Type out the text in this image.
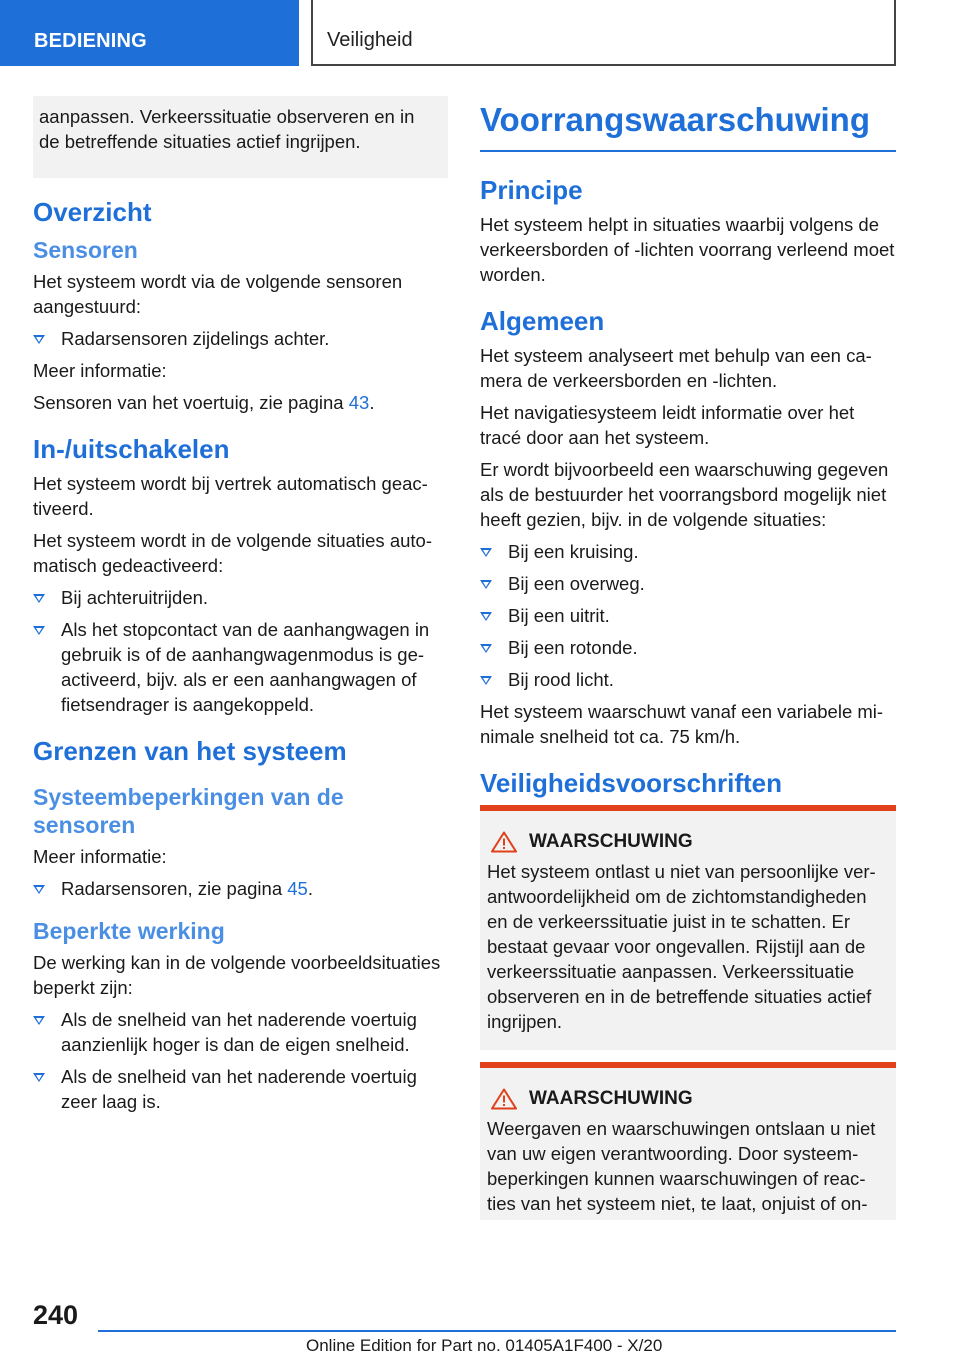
BEDIENING	Veiligheid

aanpassen. Verkeerssituatie observeren en in de betreffende situaties actief ingrijpen.

Overzicht
Sensoren

Het systeem wordt via de volgende sensoren aangestuurd:

Radarsensoren zijdelings achter.

Meer informatie:

Sensoren van het voertuig, zie pagina 43.

In-/uitschakelen

Het systeem wordt bij vertrek automatisch geactiveerd.

Het systeem wordt in de volgende situaties automatisch gedeactiveerd:

Bij achteruitrijden.
Als het stopcontact van de aanhangwagen in gebruik is of de aanhangwagenmodus is geactiveerd, bijv. als er een aanhangwagen of fietsendrager is aangekoppeld.
Grenzen van het systeem
Systeembeperkingen van de sensoren

Meer informatie:

Radarsensoren, zie pagina 45.
Beperkte werking

De werking kan in de volgende voorbeeldsituaties beperkt zijn:

Als de snelheid van het naderende voertuig aanzienlijk hoger is dan de eigen snelheid.
Als de snelheid van het naderende voertuig zeer laag is.
Voorrangswaarschuwing
Principe

Het systeem helpt in situaties waarbij volgens de verkeersborden of -lichten voorrang verleend moet worden.

Algemeen

Het systeem analyseert met behulp van een camera de verkeersborden en -lichten.

Het navigatiesysteem leidt informatie over het tracé door aan het systeem.

Er wordt bijvoorbeeld een waarschuwing gegeven als de bestuurder het voorrangsbord mogelijk niet heeft gezien, bijv. in de volgende situaties:

Bij een kruising.
Bij een overweg.
Bij een uitrit.
Bij een rotonde.
Bij rood licht.

Het systeem waarschuwt vanaf een variabele minimale snelheid tot ca. 75 km/h.

Veiligheidsvoorschriften
WAARSCHUWING

Het systeem ontlast u niet van persoonlijke verantwoordelijkheid om de zichtomstandigheden en de verkeerssituatie juist in te schatten. Er bestaat gevaar voor ongevallen. Rijstijl aan de verkeerssituatie aanpassen. Verkeerssituatie observeren en in de betreffende situaties actief ingrijpen.

WAARSCHUWING

Weergaven en waarschuwingen ontslaan u niet van uw eigen verantwoording. Door systeembeperkingen kunnen waarschuwingen of reacties van het systeem niet, te laat, onjuist of on-

240
Online Edition for Part no. 01405A1F400 - X/20
